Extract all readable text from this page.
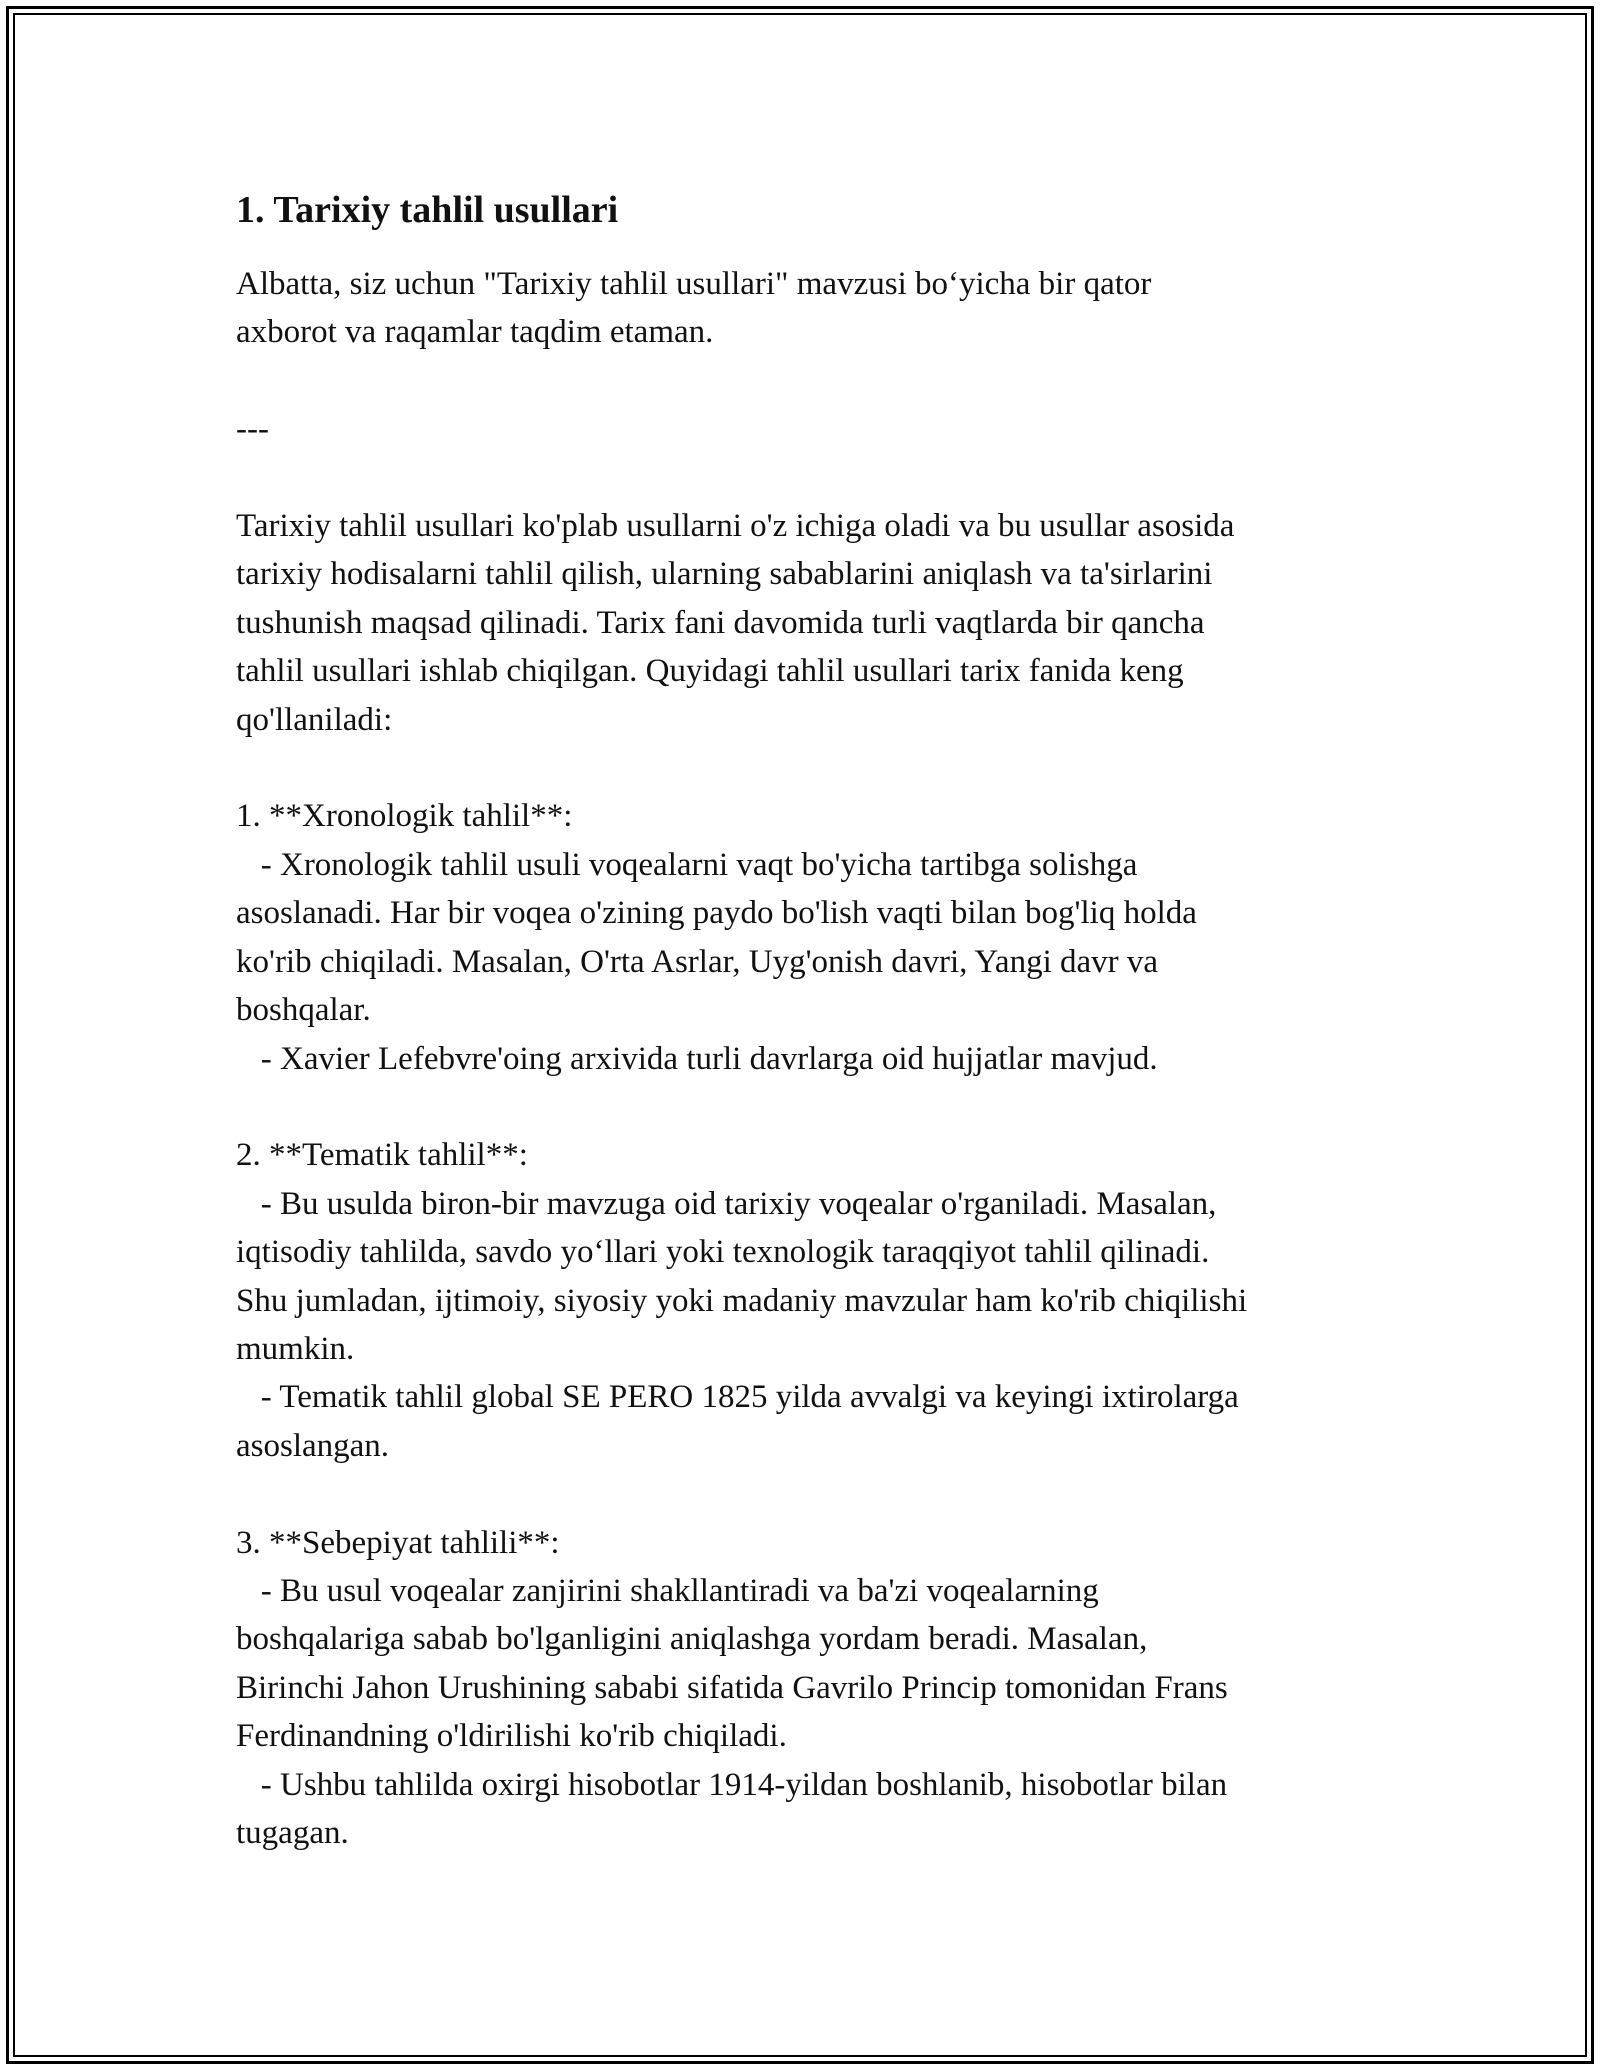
1. Tarixiy tahlil usullari

Albatta, siz uchun "Tarixiy tahlil usullari" mavzusi boʻyicha bir qator
axborot va raqamlar taqdim etaman.

---

Tarixiy tahlil usullari ko'plab usullarni o'z ichiga oladi va bu usullar asosida
tarixiy hodisalarni tahlil qilish, ularning sabablarini aniqlash va ta'sirlarini
tushunish maqsad qilinadi. Tarix fani davomida turli vaqtlarda bir qancha
tahlil usullari ishlab chiqilgan. Quyidagi tahlil usullari tarix fanida keng
qo'llaniladi:

1. **Xronologik tahlil**:
- Xronologik tahlil usuli voqealarni vaqt bo'yicha tartibga solishga
asoslanadi. Har bir voqea o'zining paydo bo'lish vaqti bilan bog'liq holda
ko'rib chiqiladi. Masalan, O'rta Asrlar, Uyg'onish davri, Yangi davr va
boshqalar.
- Xavier Lefebvre'oing arxivida turli davrlarga oid hujjatlar mavjud.

2. **Tematik tahlil**:
- Bu usulda biron-bir mavzuga oid tarixiy voqealar o'rganiladi. Masalan,
iqtisodiy tahlilda, savdo yoʻllari yoki texnologik taraqqiyot tahlil qilinadi.
Shu jumladan, ijtimoiy, siyosiy yoki madaniy mavzular ham ko'rib chiqilishi
mumkin.
- Tematik tahlil global SE PERO 1825 yilda avvalgi va keyingi ixtirolarga
asoslangan.

3. **Sebepiyat tahlili**:
- Bu usul voqealar zanjirini shakllantiradi va ba'zi voqealarning
boshqalariga sabab bo'lganligini aniqlashga yordam beradi. Masalan,
Birinchi Jahon Urushining sababi sifatida Gavrilo Princip tomonidan Frans
Ferdinandning o'ldirilishi ko'rib chiqiladi.
- Ushbu tahlilda oxirgi hisobotlar 1914-yildan boshlanib, hisobotlar bilan
tugagan.
